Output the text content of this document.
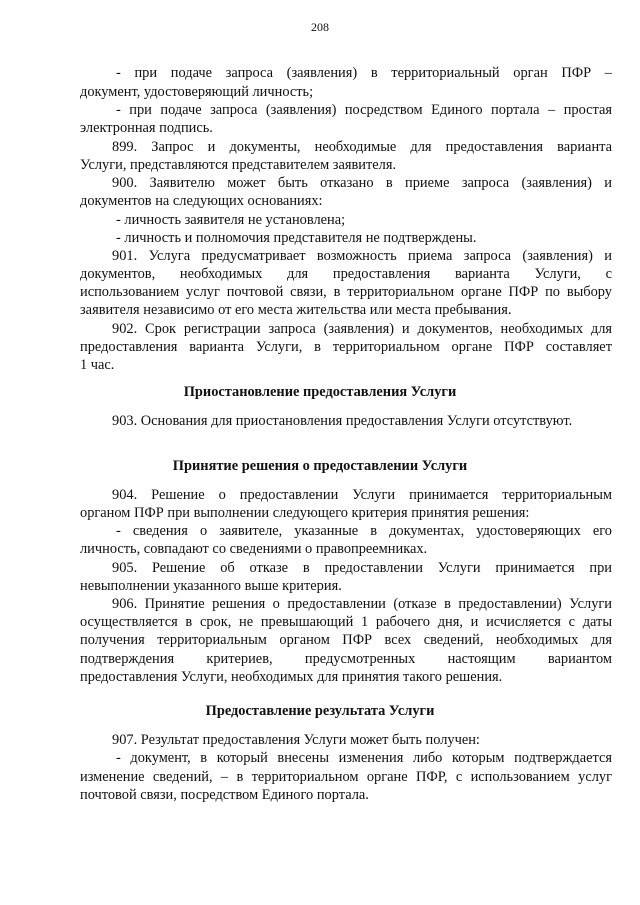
208
- при подаче запроса (заявления) в территориальный орган ПФР –
документ, удостоверяющий личность;
- при подаче запроса (заявления) посредством Единого портала – простая
электронная подпись.
899. Запрос и документы, необходимые для предоставления варианта
Услуги, представляются представителем заявителя.
900. Заявителю может быть отказано в приеме запроса (заявления) и
документов на следующих основаниях:
- личность заявителя не установлена;
- личность и полномочия представителя не подтверждены.
901. Услуга предусматривает возможность приема запроса (заявления) и
документов, необходимых для предоставления варианта Услуги, с
использованием услуг почтовой связи, в территориальном органе ПФР по выбору
заявителя независимо от его места жительства или места пребывания.
902. Срок регистрации запроса (заявления) и документов, необходимых для
предоставления варианта Услуги, в территориальном органе ПФР составляет
1 час.
Приостановление предоставления Услуги
903. Основания для приостановления предоставления Услуги отсутствуют.
Принятие решения о предоставлении Услуги
904. Решение о предоставлении Услуги принимается территориальным
органом ПФР при выполнении следующего критерия принятия решения:
- сведения о заявителе, указанные в документах, удостоверяющих его
личность, совпадают со сведениями о правопреемниках.
905. Решение об отказе в предоставлении Услуги принимается при
невыполнении указанного выше критерия.
906. Принятие решения о предоставлении (отказе в предоставлении) Услуги
осуществляется в срок, не превышающий 1 рабочего дня, и исчисляется с даты
получения территориальным органом ПФР всех сведений, необходимых для
подтверждения критериев, предусмотренных настоящим вариантом
предоставления Услуги, необходимых для принятия такого решения.
Предоставление результата Услуги
907. Результат предоставления Услуги может быть получен:
- документ, в который внесены изменения либо которым подтверждается
изменение сведений, – в территориальном органе ПФР, с использованием услуг
почтовой связи, посредством Единого портала.
